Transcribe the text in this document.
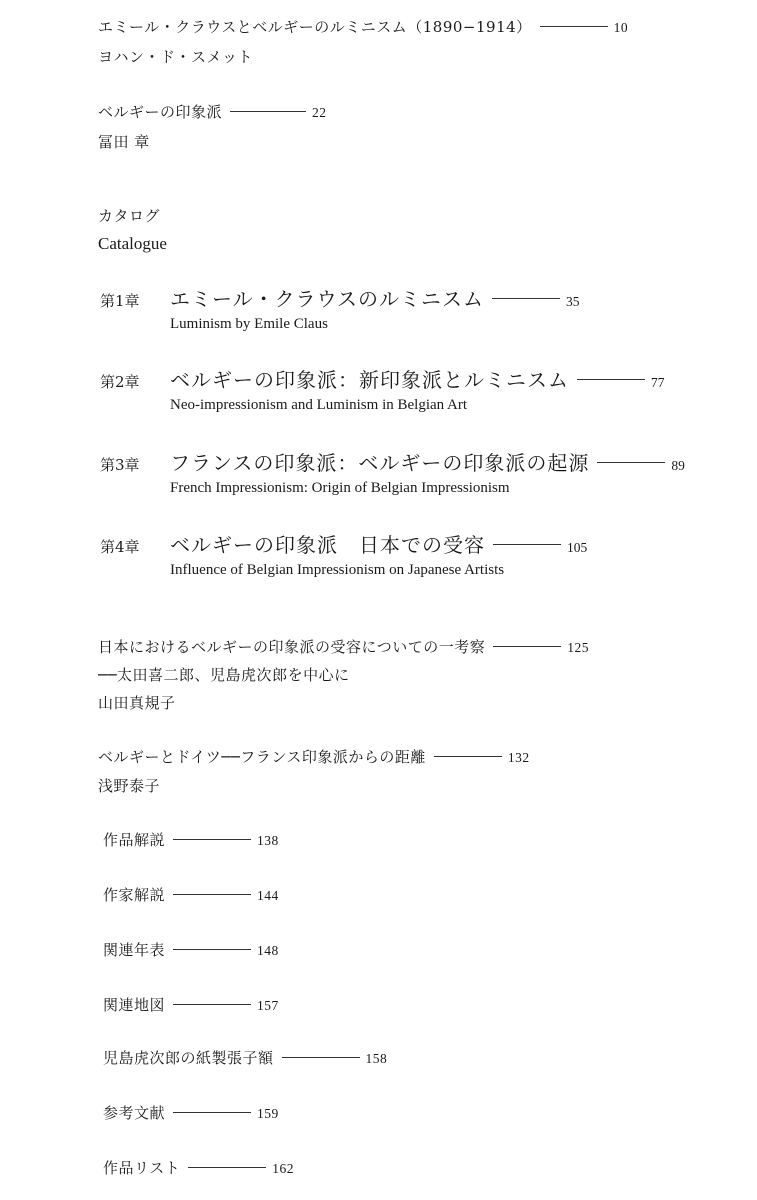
エミール・クラウスとベルギーのルミニスム（1890−1914）	10
ヨハン・ド・スメット
ベルギーの印象派	22
冨田 章
カタログ
Catalogue
第1章	エミール・クラウスのルミニスム	35
Luminism by Emile Claus
第2章	ベルギーの印象派：新印象派とルミニスム	77
Neo-impressionism and Luminism in Belgian Art
第3章	フランスの印象派：ベルギーの印象派の起源	89
French Impressionism: Origin of Belgian Impressionism
第4章	ベルギーの印象派　日本での受容	105
Influence of Belgian Impressionism on Japanese Artists
日本におけるベルギーの印象派の受容についての一考察	125
──太田喜二郎、児島虎次郎を中心に
山田真規子
ベルギーとドイツ──フランス印象派からの距離	132
浅野泰子
作品解説	138
作家解説	144
関連年表	148
関連地図	157
児島虎次郎の紙製張子額	158
参考文献	159
作品リスト	162
